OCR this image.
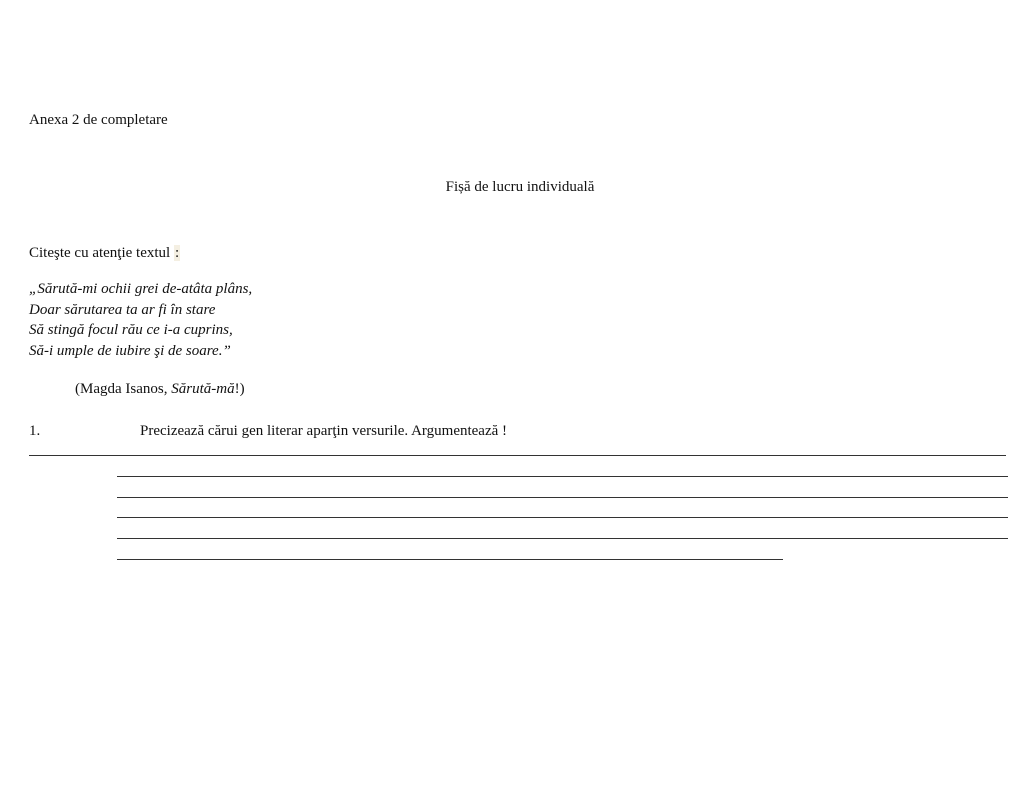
Anexa 2 de completare
Fișă de lucru individuală
Citeşte cu atenţie textul :
„Sărută-mi ochii grei de-atâta plâns,
Doar sărutarea ta ar fi în stare
Să stingă focul rău ce i-a cuprins,
Să-i umple de iubire şi de soare.”
(Magda Isanos, Sărută-mă!)
1.	Precizează cărui gen literar aparţin versurile. Argumentează !
